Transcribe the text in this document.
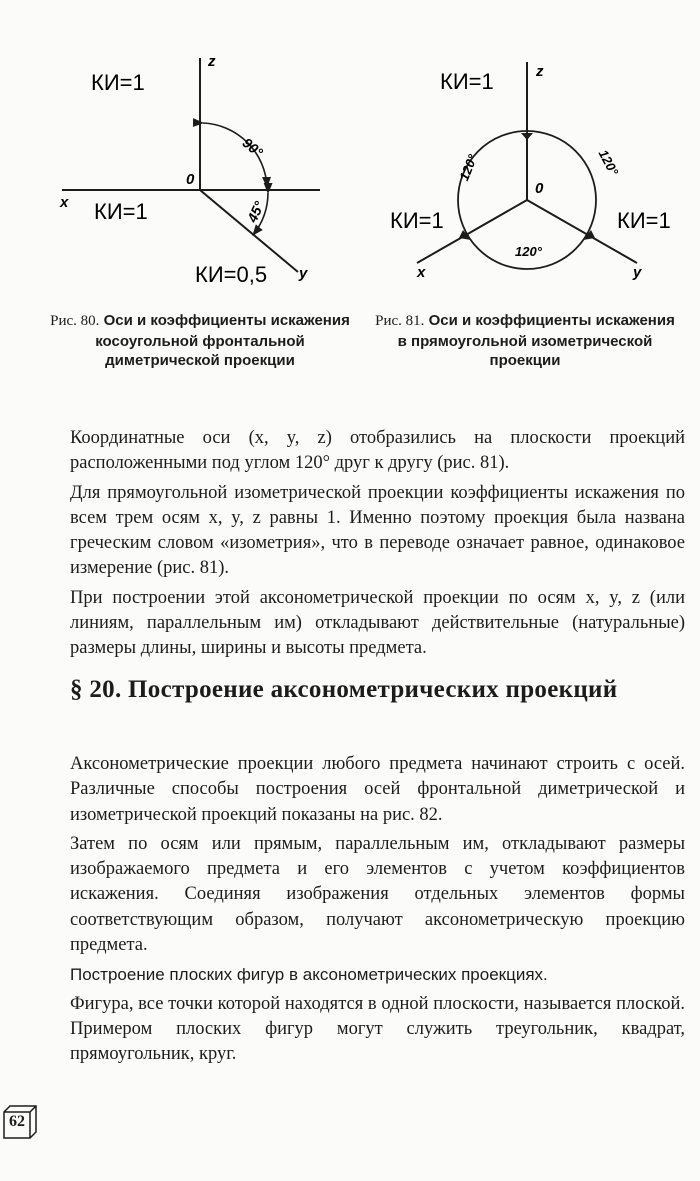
КИ=1
КИ=1
КИ=0,5
90°
45°
0
x
y
z
КИ=1
КИ=1	КИ=1
120°	120°
120°
0
x	y
z
Рис. 80. Оси и коэффициенты искажения косоугольной фронтальной диметрической проекции
Рис. 81. Оси и коэффициенты искажения в прямоугольной изометрической проекции

Координатные оси (x, y, z) отобразились на плоскости проекций расположенными под углом 120° друг к другу (рис. 81).

Для прямоугольной изометрической проекции коэффициенты искажения по всем трем осям x, y, z равны 1. Именно поэтому проекция была названа греческим словом «изометрия», что в переводе означает равное, одинаковое измерение (рис. 81).

При построении этой аксонометрической проекции по осям x, y, z (или линиям, параллельным им) откладывают действительные (натуральные) размеры длины, ширины и высоты предмета.

§ 20. Построение аксонометрических проекций

Аксонометрические проекции любого предмета начинают строить с осей. Различные способы построения осей фронтальной диметрической и изометрической проекций показаны на рис. 82.

Затем по осям или прямым, параллельным им, откладывают размеры изображаемого предмета и его элементов с учетом коэффициентов искажения. Соединяя изображения отдельных элементов формы соответствующим образом, получают аксонометрическую проекцию предмета.

Построение плоских фигур в аксонометрических проекциях.

Фигура, все точки которой находятся в одной плоскости, называется плоской. Примером плоских фигур могут служить треугольник, квадрат, прямоугольник, круг.

62
